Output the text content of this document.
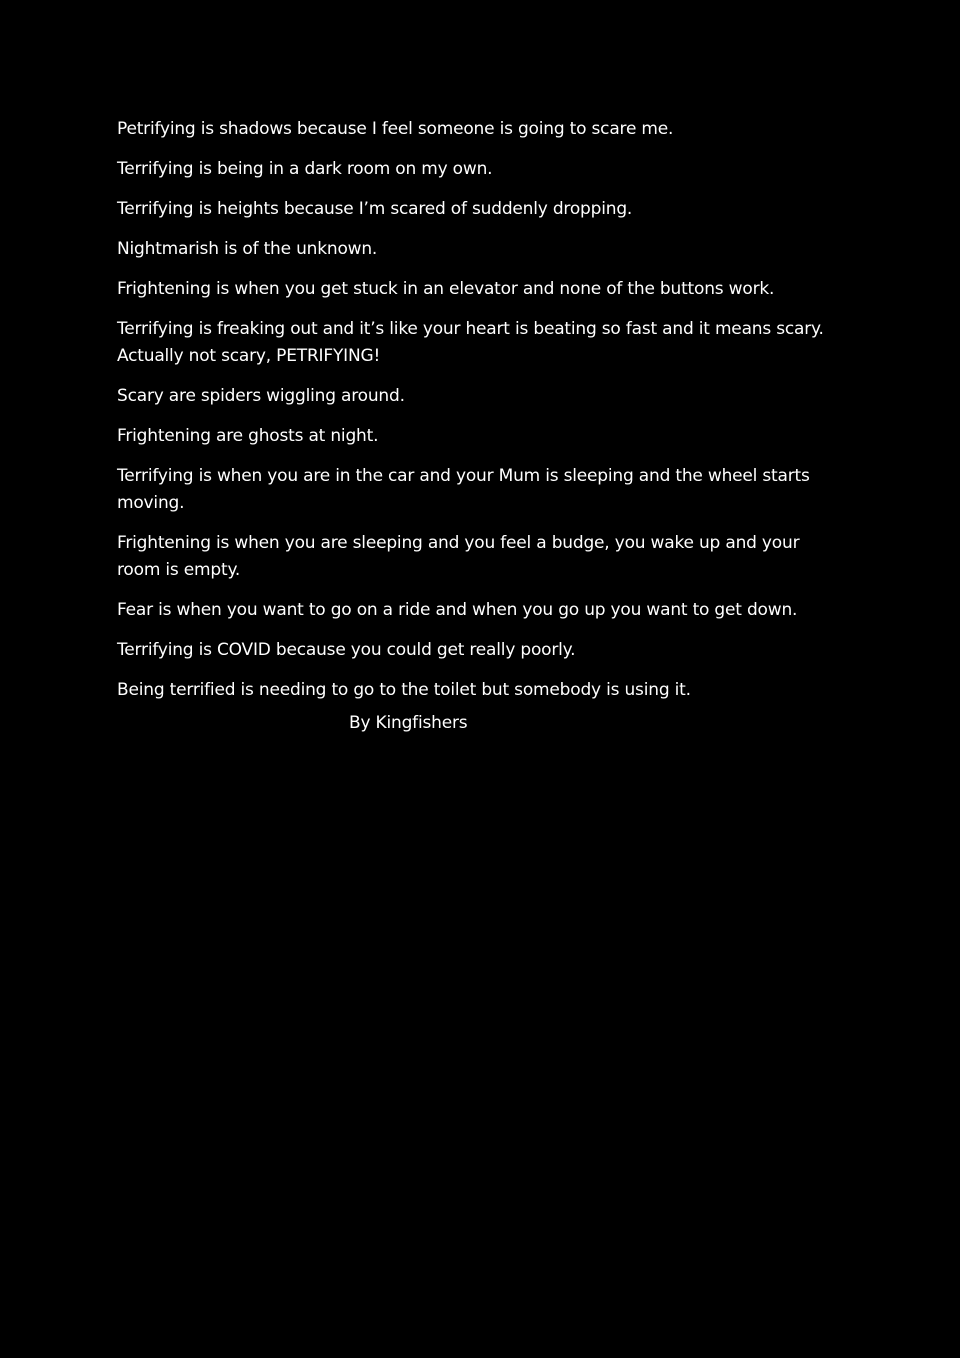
Petrifying is shadows because I feel someone is going to scare me.

Terrifying is being in a dark room on my own.

Terrifying is heights because I’m scared of suddenly dropping.

Nightmarish is of the unknown.

Frightening is when you get stuck in an elevator and none of the buttons work.

Terrifying is freaking out and it’s like your heart is beating so fast and it means scary. Actually not scary, PETRIFYING!

Scary are spiders wiggling around.

Frightening are ghosts at night.

Terrifying is when you are in the car and your Mum is sleeping and the wheel starts moving.

Frightening is when you are sleeping and you feel a budge, you wake up and your room is empty.

Fear is when you want to go on a ride and when you go up you want to get down.

Terrifying is COVID because you could get really poorly.

Being terrified is needing to go to the toilet but somebody is using it.

By Kingfishers
